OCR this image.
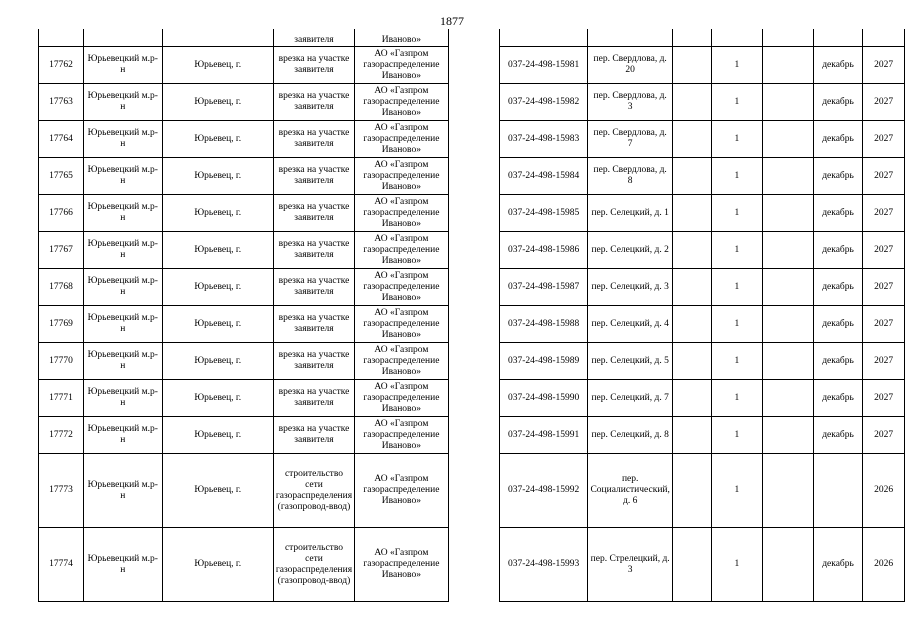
1877
			заявителя	Иваново»								
17762	Юрьевецкий м.р-н	Юрьевец, г.	врезка на участке заявителя	АО «Газпром газораспределение Иваново»		037-24-498-15981	пер. Свердлова, д. 20		1		декабрь	2027
17763	Юрьевецкий м.р-н	Юрьевец, г.	врезка на участке заявителя	АО «Газпром газораспределение Иваново»		037-24-498-15982	пер. Свердлова, д. 3		1		декабрь	2027
17764	Юрьевецкий м.р-н	Юрьевец, г.	врезка на участке заявителя	АО «Газпром газораспределение Иваново»		037-24-498-15983	пер. Свердлова, д. 7		1		декабрь	2027
17765	Юрьевецкий м.р-н	Юрьевец, г.	врезка на участке заявителя	АО «Газпром газораспределение Иваново»		037-24-498-15984	пер. Свердлова, д. 8		1		декабрь	2027
17766	Юрьевецкий м.р-н	Юрьевец, г.	врезка на участке заявителя	АО «Газпром газораспределение Иваново»		037-24-498-15985	пер. Селецкий, д. 1		1		декабрь	2027
17767	Юрьевецкий м.р-н	Юрьевец, г.	врезка на участке заявителя	АО «Газпром газораспределение Иваново»		037-24-498-15986	пер. Селецкий, д. 2		1		декабрь	2027
17768	Юрьевецкий м.р-н	Юрьевец, г.	врезка на участке заявителя	АО «Газпром газораспределение Иваново»		037-24-498-15987	пер. Селецкий, д. 3		1		декабрь	2027
17769	Юрьевецкий м.р-н	Юрьевец, г.	врезка на участке заявителя	АО «Газпром газораспределение Иваново»		037-24-498-15988	пер. Селецкий, д. 4		1		декабрь	2027
17770	Юрьевецкий м.р-н	Юрьевец, г.	врезка на участке заявителя	АО «Газпром газораспределение Иваново»		037-24-498-15989	пер. Селецкий, д. 5		1		декабрь	2027
17771	Юрьевецкий м.р-н	Юрьевец, г.	врезка на участке заявителя	АО «Газпром газораспределение Иваново»		037-24-498-15990	пер. Селецкий, д. 7		1		декабрь	2027
17772	Юрьевецкий м.р-н	Юрьевец, г.	врезка на участке заявителя	АО «Газпром газораспределение Иваново»		037-24-498-15991	пер. Селецкий, д. 8		1		декабрь	2027
17773	Юрьевецкий м.р-н	Юрьевец, г.	строительство сети газораспределения (газопровод-ввод)	АО «Газпром газораспределение Иваново»		037-24-498-15992	пер. Социалистический, д. 6		1			2026
17774	Юрьевецкий м.р-н	Юрьевец, г.	строительство сети газораспределения (газопровод-ввод)	АО «Газпром газораспределение Иваново»		037-24-498-15993	пер. Стрелецкий, д. 3		1		декабрь	2026
